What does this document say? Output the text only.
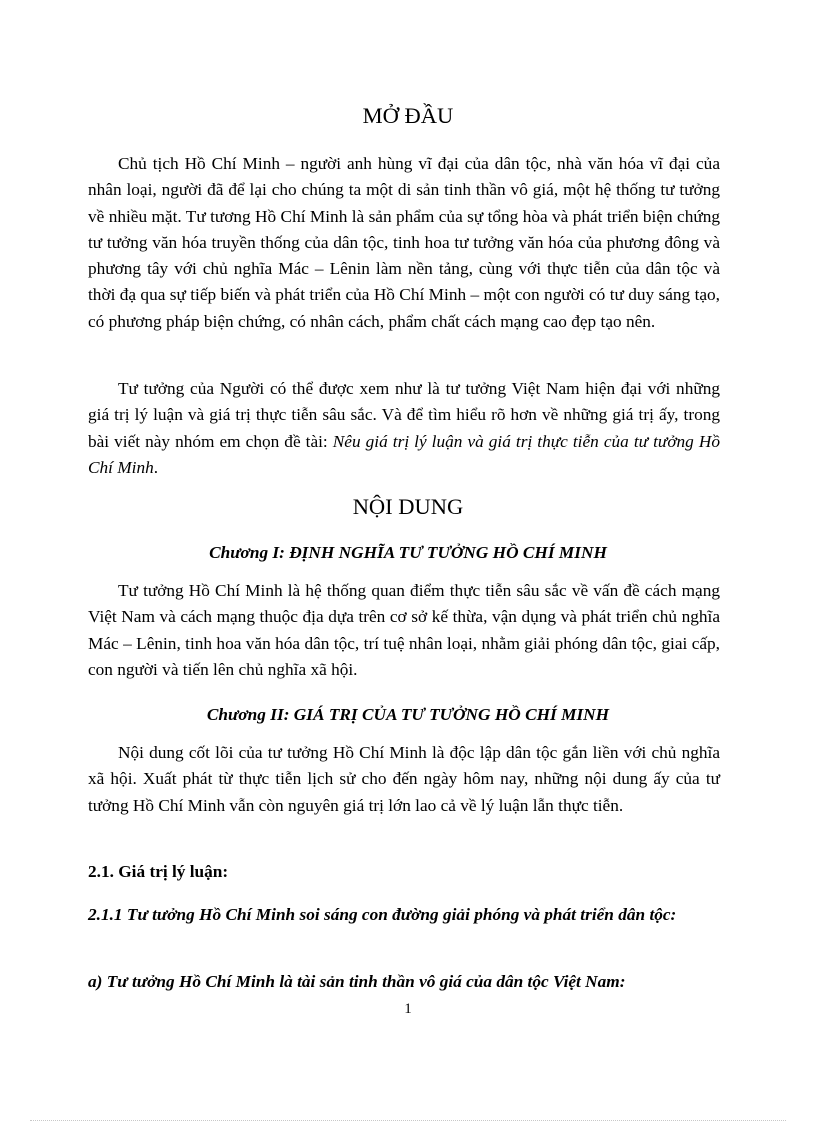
MỞ ĐẦU

Chủ tịch Hồ Chí Minh – người anh hùng vĩ đại của dân tộc, nhà văn hóa vĩ đại của nhân loại, người đã để lại cho chúng ta một di sản tinh thần vô giá, một hệ thống tư tưởng về nhiều mặt. Tư tương Hồ Chí Minh là sản phẩm của sự tổng hòa và phát triển biện chứng tư tưởng văn hóa truyền thống của dân tộc, tinh hoa tư tưởng văn hóa của phương đông và phương tây với chủ nghĩa Mác – Lênin làm nền tảng, cùng với thực tiễn của dân tộc và thời đạ qua sự tiếp biến và phát triển của Hồ Chí Minh – một con người có tư duy sáng tạo, có phương pháp biện chứng, có nhân cách, phẩm chất cách mạng cao đẹp tạo nên.

Tư tưởng của Người có thể được xem như là tư tưởng Việt Nam hiện đại với những giá trị lý luận và giá trị thực tiễn sâu sắc. Và để tìm hiểu rõ hơn về những giá trị ấy, trong bài viết này nhóm em chọn đề tài: Nêu giá trị lý luận và giá trị thực tiễn của tư tưởng Hồ Chí Minh.

NỘI DUNG
Chương I: ĐỊNH NGHĨA TƯ TƯỞNG HỒ CHÍ MINH

Tư tưởng Hồ Chí Minh là hệ thống quan điểm thực tiễn sâu sắc về vấn đề cách mạng Việt Nam và cách mạng thuộc địa dựa trên cơ sở kế thừa, vận dụng và phát triển chủ nghĩa Mác – Lênin, tinh hoa văn hóa dân tộc, trí tuệ nhân loại, nhằm giải phóng dân tộc, giai cấp, con người và tiến lên chủ nghĩa xã hội.

Chương II: GIÁ TRỊ CỦA TƯ TƯỞNG HỒ CHÍ MINH

Nội dung cốt lõi của tư tưởng Hồ Chí Minh là độc lập dân tộc gắn liền với chủ nghĩa xã hội. Xuất phát từ thực tiễn lịch sử cho đến ngày hôm nay, những nội dung ấy của tư tưởng Hồ Chí Minh vẫn còn nguyên giá trị lớn lao cả về lý luận lẫn thực tiễn.

2.1. Giá trị lý luận:
2.1.1 Tư tưởng Hồ Chí Minh soi sáng con đường giải phóng và phát triển dân tộc:
a) Tư tưởng Hồ Chí Minh là tài sản tinh thần vô giá của dân tộc Việt Nam:
1
